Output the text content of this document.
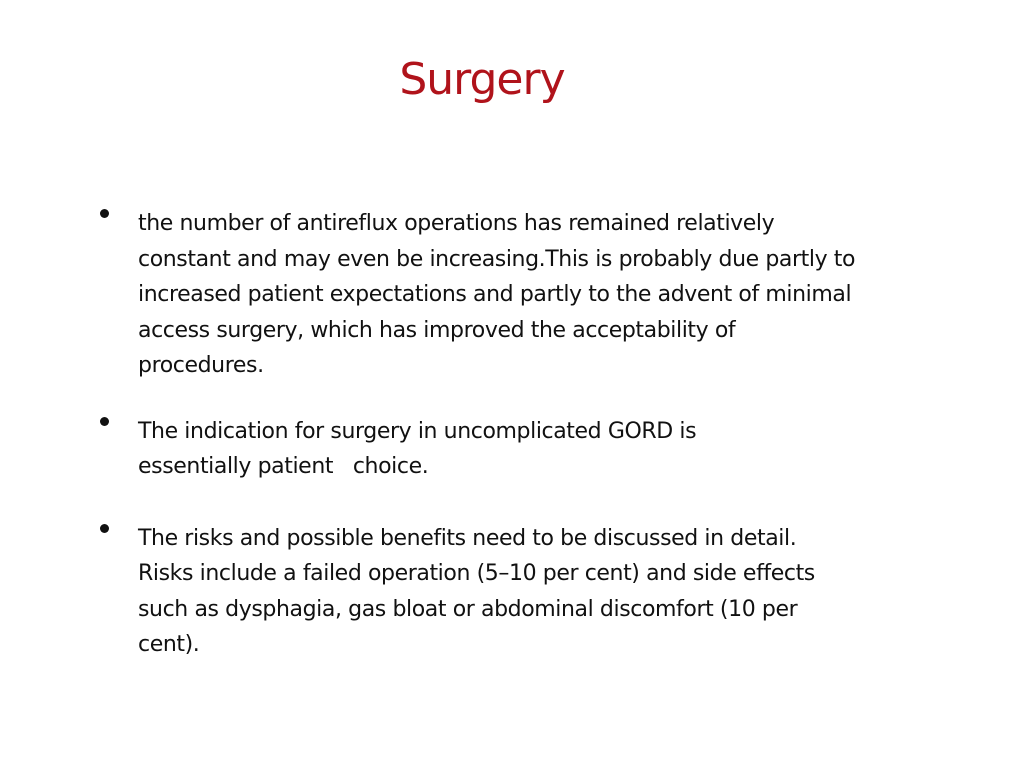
Surgery
the number of antireflux operations has remained relatively
constant and may even be increasing.This is probably due partly to
increased patient expectations and partly to the advent of minimal
access surgery, which has improved the acceptability of
procedures.
The indication for surgery in uncomplicated GORD is
essentially patient   choice.
The risks and possible benefits need to be discussed in detail.
Risks include a failed operation (5–10 per cent) and side effects
such as dysphagia, gas bloat or abdominal discomfort (10 per
cent).
